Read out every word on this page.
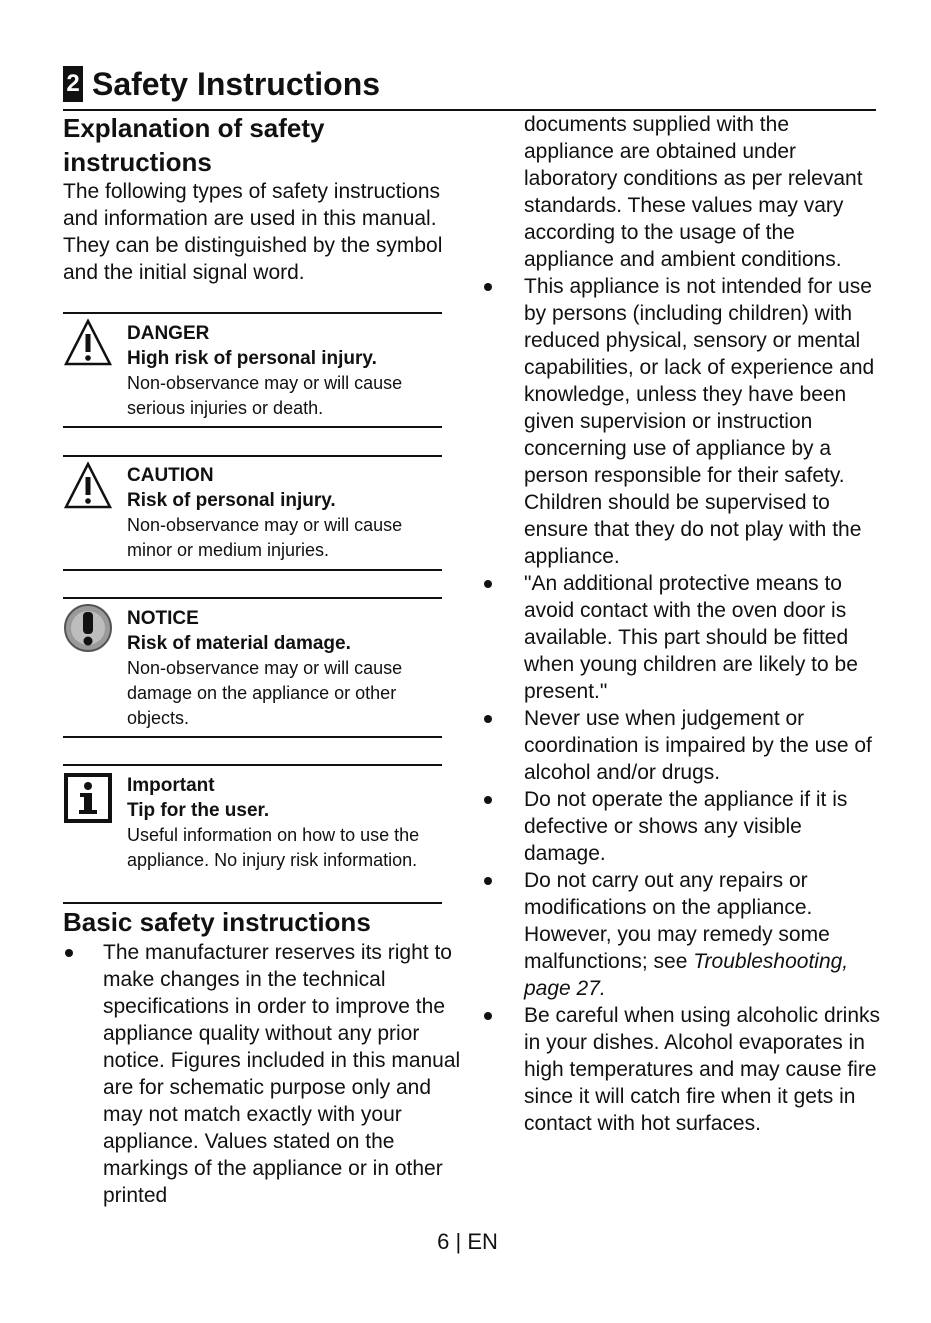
2 Safety Instructions
Explanation of safety instructions
The following types of safety instructions and information are used in this manual. They can be distinguished by the symbol and the initial signal word.
DANGER
High risk of personal injury.
Non-observance may or will cause serious injuries or death.
CAUTION
Risk of personal injury.
Non-observance may or will cause minor or medium injuries.
NOTICE
Risk of material damage.
Non-observance may or will cause damage on the appliance or other objects.
Important
Tip for the user.
Useful information on how to use the appliance. No injury risk information.
Basic safety instructions
The manufacturer reserves its right to make changes in the technical specifications in order to improve the appliance quality without any prior notice. Figures included in this manual are for schematic purpose only and may not match exactly with your appliance. Values stated on the markings of the appliance or in other printed
documents supplied with the appliance are obtained under laboratory conditions as per relevant standards. These values may vary according to the usage of the appliance and ambient conditions.
This appliance is not intended for use by persons (including children) with reduced physical, sensory or mental capabilities, or lack of experience and knowledge, unless they have been given supervision or instruction concerning use of appliance by a person responsible for their safety.
Children should be supervised to ensure that they do not play with the appliance.
"An additional protective means to avoid contact with the oven door is available. This part should be fitted when young children are likely to be present."
Never use when judgement or coordination is impaired by the use of alcohol and/or drugs.
Do not operate the appliance if it is defective or shows any visible damage.
Do not carry out any repairs or modifications on the appliance. However, you may remedy some malfunctions; see Troubleshooting, page 27.
Be careful when using alcoholic drinks in your dishes. Alcohol evaporates in high temperatures and may cause fire since it will catch fire when it gets in contact with hot surfaces.
6 | EN
